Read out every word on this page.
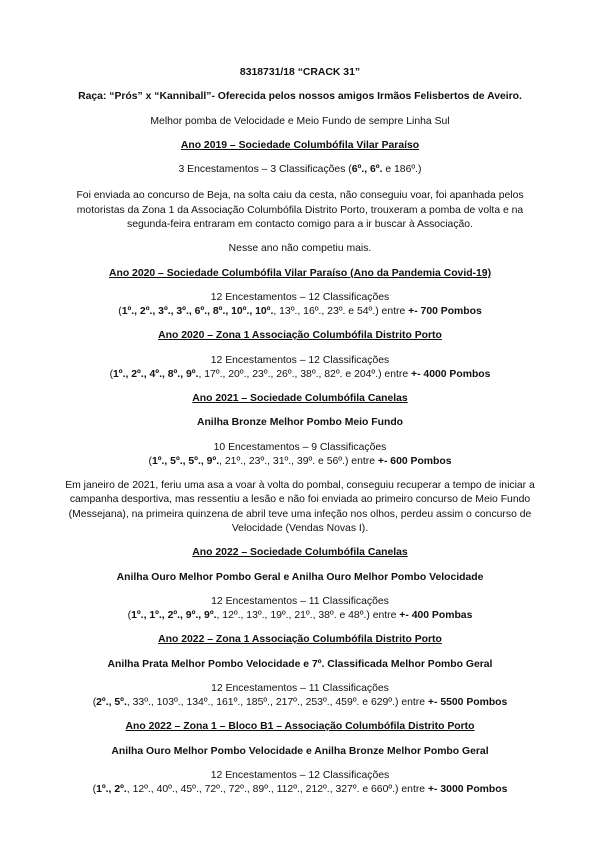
8318731/18 “CRACK 31”

Raça: “Prós” x “Kanniball”- Oferecida pelos nossos amigos Irmãos Felisbertos de Aveiro.

Melhor pomba de Velocidade e Meio Fundo de sempre Linha Sul

Ano 2019 – Sociedade Columbófila Vilar Paraíso

3 Encestamentos – 3 Classificações (6º., 6º. e 186º.)

Foi enviada ao concurso de Beja, na solta caiu da cesta, não conseguiu voar, foi apanhada pelos motoristas da Zona 1 da Associação Columbófila Distrito Porto, trouxeram a pomba de volta e na segunda-feira entraram em contacto comigo para a ir buscar à Associação.

Nesse ano não competiu mais.

Ano 2020 – Sociedade Columbófila Vilar Paraíso (Ano da Pandemia Covid-19)

12 Encestamentos – 12 Classificações
(1º., 2º., 3º., 3º., 6º., 8º., 10º., 10º., 13º., 16º., 23º. e 54º.) entre +- 700 Pombos

Ano 2020 – Zona 1 Associação Columbófila Distrito Porto

12 Encestamentos – 12 Classificações
(1º., 2º., 4º., 8º., 9º., 17º., 20º., 23º., 26º., 38º., 82º. e 204º.) entre +- 4000 Pombos

Ano 2021 – Sociedade Columbófila Canelas

Anilha Bronze Melhor Pombo Meio Fundo

10 Encestamentos – 9 Classificações
(1º., 5º., 5º., 9º., 21º., 23º., 31º., 39º. e 56º.) entre +- 600 Pombos

Em janeiro de 2021, feriu uma asa a voar à volta do pombal, conseguiu recuperar a tempo de iniciar a campanha desportiva, mas ressentiu a lesão e não foi enviada ao primeiro concurso de Meio Fundo (Messejana), na primeira quinzena de abril teve uma infeção nos olhos, perdeu assim o concurso de Velocidade (Vendas Novas I).

Ano 2022 – Sociedade Columbófila Canelas

Anilha Ouro Melhor Pombo Geral e Anilha Ouro Melhor Pombo Velocidade

12 Encestamentos – 11 Classificações
(1º., 1º., 2º., 9º., 9º., 12º., 13º., 19º., 21º., 38º. e 48º.) entre +- 400 Pombas

Ano 2022 – Zona 1 Associação Columbófila Distrito Porto

Anilha Prata Melhor Pombo Velocidade e 7º. Classificada Melhor Pombo Geral

12 Encestamentos – 11 Classificações
(2º., 5º., 33º., 103º., 134º., 161º., 185º., 217º., 253º., 459º. e 629º.) entre +- 5500 Pombos

Ano 2022 – Zona 1 – Bloco B1 – Associação Columbófila Distrito Porto

Anilha Ouro Melhor Pombo Velocidade e Anilha Bronze Melhor Pombo Geral

12 Encestamentos – 12 Classificações
(1º., 2º., 12º., 40º., 45º., 72º., 72º., 89º., 112º., 212º., 327º. e 660º.) entre +- 3000 Pombos
